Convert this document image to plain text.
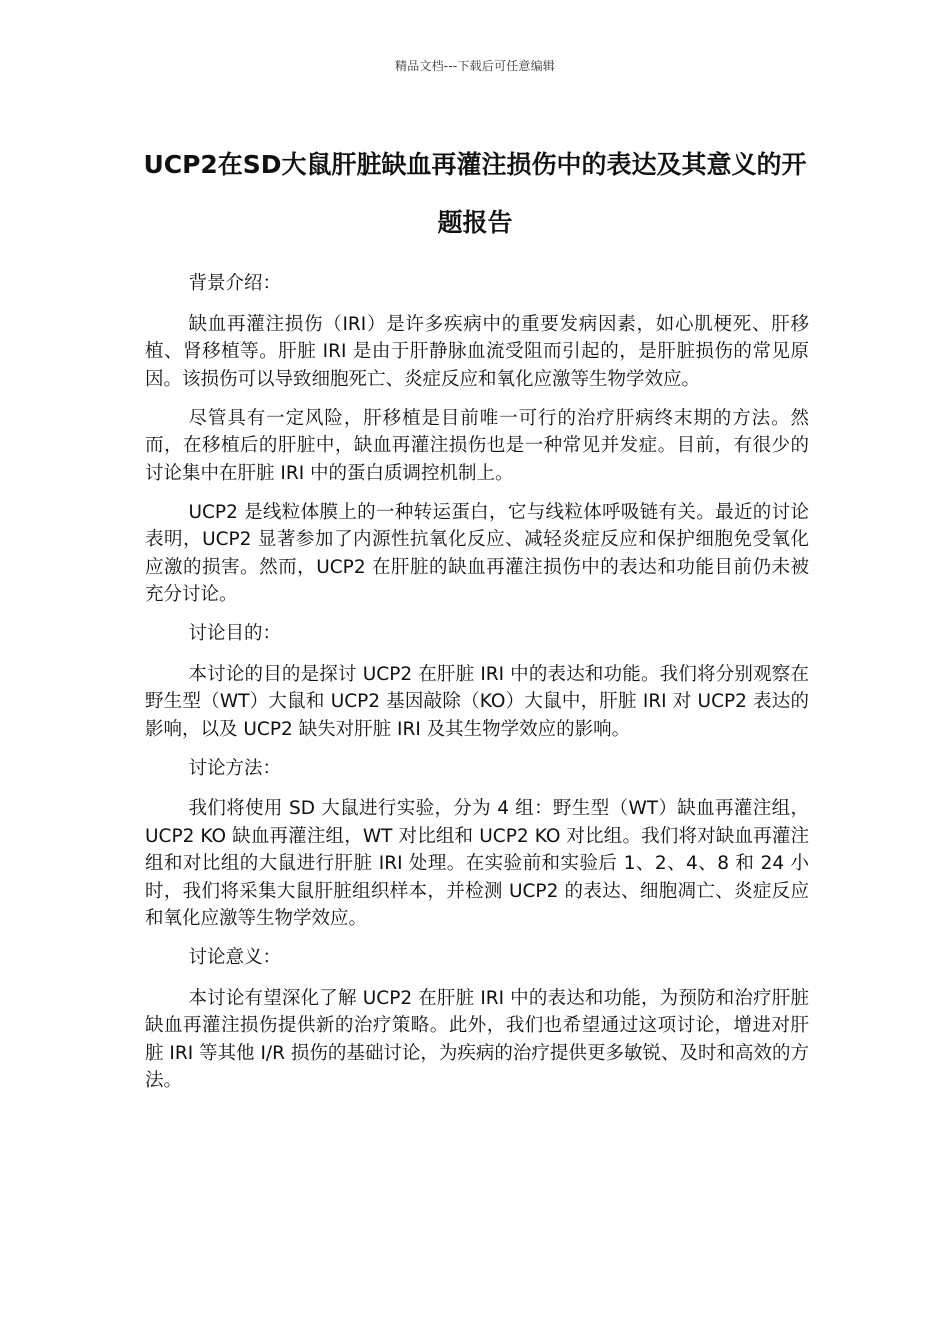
精品文档---下载后可任意编辑
UCP2在SD大鼠肝脏缺血再灌注损伤中的表达及其意义的开题报告

背景介绍：

缺血再灌注损伤（IRI）是许多疾病中的重要发病因素，如心肌梗死、肝移植、肾移植等。肝脏 IRI 是由于肝静脉血流受阻而引起的，是肝脏损伤的常见原因。该损伤可以导致细胞死亡、炎症反应和氧化应激等生物学效应。

尽管具有一定风险，肝移植是目前唯一可行的治疗肝病终末期的方法。然而，在移植后的肝脏中，缺血再灌注损伤也是一种常见并发症。目前，有很少的讨论集中在肝脏 IRI 中的蛋白质调控机制上。

UCP2 是线粒体膜上的一种转运蛋白，它与线粒体呼吸链有关。最近的讨论表明，UCP2 显著参加了内源性抗氧化反应、减轻炎症反应和保护细胞免受氧化应激的损害。然而，UCP2 在肝脏的缺血再灌注损伤中的表达和功能目前仍未被充分讨论。

讨论目的：

本讨论的目的是探讨 UCP2 在肝脏 IRI 中的表达和功能。我们将分别观察在野生型（WT）大鼠和 UCP2 基因敲除（KO）大鼠中，肝脏 IRI 对 UCP2 表达的影响，以及 UCP2 缺失对肝脏 IRI 及其生物学效应的影响。

讨论方法：

我们将使用 SD 大鼠进行实验，分为 4 组：野生型（WT）缺血再灌注组，UCP2 KO 缺血再灌注组，WT 对比组和 UCP2 KO 对比组。我们将对缺血再灌注组和对比组的大鼠进行肝脏 IRI 处理。在实验前和实验后 1、2、4、8 和 24 小时，我们将采集大鼠肝脏组织样本，并检测 UCP2 的表达、细胞凋亡、炎症反应和氧化应激等生物学效应。

讨论意义：

本讨论有望深化了解 UCP2 在肝脏 IRI 中的表达和功能，为预防和治疗肝脏缺血再灌注损伤提供新的治疗策略。此外，我们也希望通过这项讨论，增进对肝脏 IRI 等其他 I/R 损伤的基础讨论，为疾病的治疗提供更多敏锐、及时和高效的方法。
